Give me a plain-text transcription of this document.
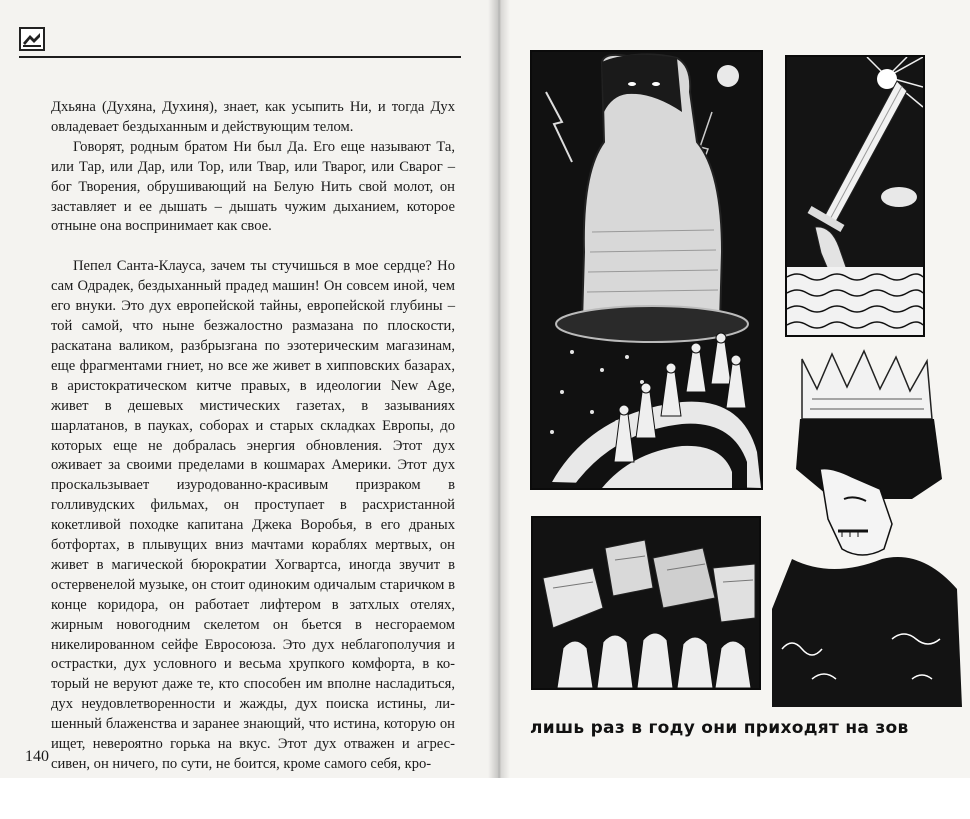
Дхьяна (Духяна, Духиня), знает, как усыпить Ни, и тогда Дух овладевает бездыханным и действующим телом.

Говорят, родным братом Ни был Да. Его еще называют Та, или Тар, или Дар, или Тор, или Твар, или Тварог, или Сварог – бог Творения, обрушивающий на Белую Нить свой молот, он заставляет и ее дышать – дышать чужим дыханием, которое отныне она воспринимает как свое.

Пепел Санта-Клауса, зачем ты стучишься в мое сердце? Но сам Одрадек, бездыханный прадед машин! Он совсем иной, чем его внуки. Это дух европейской тайны, европейской глубины – той самой, что ныне безжалостно размазана по плоскости, раскатана валиком, разбрызгана по эзотерическим магазинам, еще фрагментами гниет, но все же живет в хипповских базарах, в аристократическом китче правых, в идеологии New Age, живет в дешевых мистических газетах, в зазываниях шарлатанов, в пауках, соборах и старых складках Европы, до которых еще не добралась энергия обновления. Этот дух оживает за своими пределами в кошмарах Америки. Этот дух проскальзывает изуродованно-красивым призраком в голливудских фильмах, он проступает в расхристанной кокетливой походке капитана Джека Воробья, в его драных ботфортах, в плывущих вниз мачтами кораблях мертвых, он живет в магической бюрократии Хогвартса, иногда звучит в остервенелой музыке, он стоит одиноким одичалым старичком в конце коридора, он работает лифтером в затхлых отелях, жирным новогодним скелетом он бьется в несгораемом никелированном сейфе Евросоюза. Это дух неблагополучия и острастки, дух условного и весьма хрупкого комфорта, в который не веруют даже те, кто способен им вполне насладиться, дух неудовлетворенности и жажды, дух поиска истины, лишенный блаженства и заранее знающий, что истина, которую он ищет, невероятно горька на вкус. Этот дух отважен и агрессивен, он ничего, по сути, не боится, кроме самого себя, кро-

140
лишь раз в году они приходят на зов
